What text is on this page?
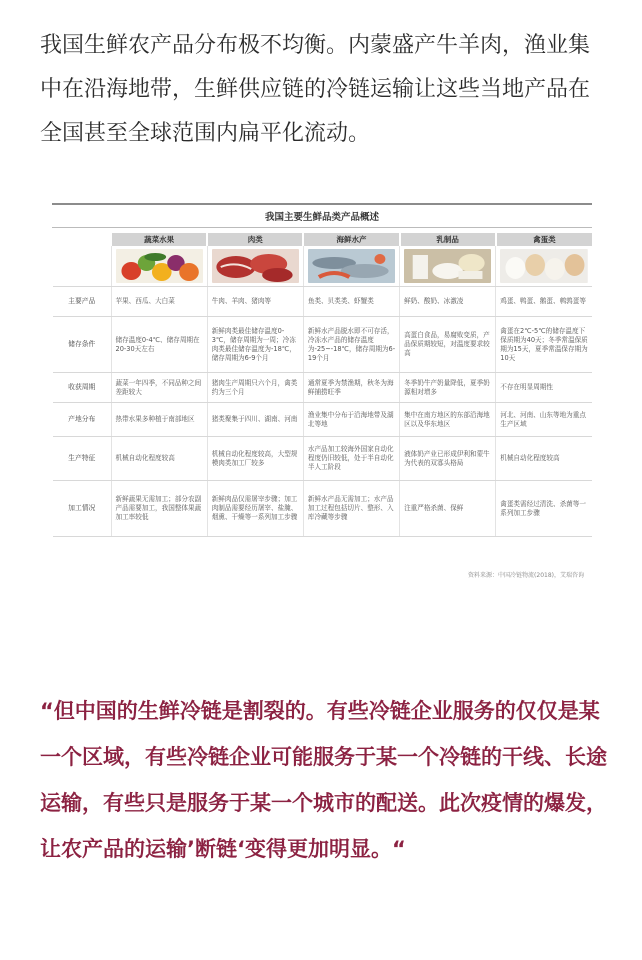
我国生鲜农产品分布极不均衡。内蒙盛产牛羊肉，渔业集中在沿海地带，生鲜供应链的冷链运输让这些当地产品在全国甚至全球范围内扁平化流动。

我国主要生鲜品类产品概述
	蔬菜水果	肉类	海鲜水产	乳制品	禽蛋类

主要产品	苹果、西瓜、大白菜	牛肉、羊肉、猪肉等	鱼类、贝类类、虾蟹类	鲜奶、酸奶、冰激凌	鸡蛋、鸭蛋、鹅蛋、鹌鹑蛋等
储存条件	储存温度0-4℃、储存周期在20-30天左右	新鲜肉类最佳储存温度0-3℃，储存周期为一周；冷冻肉类最佳储存温度为-18℃，储存周期为6-9个月	新鲜水产品脱水即不可存活，冷冻水产品的储存温度为-25~-18℃，储存周期为6-19个月	高蛋白食品，易腐败变质，产品保质期较短，对温度要求较高	禽蛋在2℃-5℃的储存温度下保质期为40天；冬季常温保质期为15天，夏季常温保存期为10天
收获周期	蔬菜一年四季，不同品种之间差距较大	猪肉生产周期只六个月，禽类约为三个月	通常夏季为禁渔期，秋冬为海鲜捕捞旺季	冬季奶牛产奶量降低，夏季奶源相对增多	不存在明显周期性
产地分布	热带水果多种植于南部地区	猪类聚集于四川、湖南、河南	渔业集中分布于沿海地带及湖北等地	集中在南方地区的东部沿海地区以及华东地区	河北、河南、山东等地为重点生产区域
生产特征	机械自动化程度较高	机械自动化程度较高，大型规模肉类加工厂较多	水产品加工较海外国家自动化程度仍旧较低，处于半自动化半人工阶段	液体奶产业已形成伊利和蒙牛为代表的双寡头格局	机械自动化程度较高
加工情况	新鲜蔬果无需加工；部分农副产品需要加工，我国整体果蔬加工率较低	新鲜肉品仅需屠宰步骤；加工肉制品需要经历屠宰、盐腌、烟熏、干燥等一系列加工步骤	新鲜水产品无需加工；水产品加工过程包括切片、整形、入库冷藏等步骤	注重严格杀菌、保鲜	禽蛋类需经过清洗、杀菌等一系列加工步骤
资料来源：中国冷链物流(2018)，艾瑞咨询

“但中国的生鲜冷链是割裂的。有些冷链企业服务的仅仅是某一个区域，有些冷链企业可能服务于某一个冷链的干线、长途运输，有些只是服务于某一个城市的配送。此次疫情的爆发，让农产品的运输’断链‘变得更加明显。“
